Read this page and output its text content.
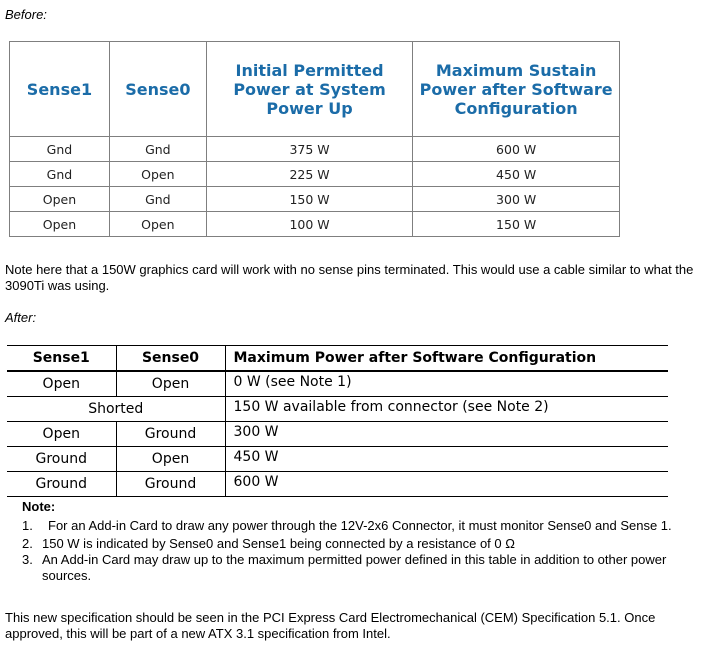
Before:
Sense1	Sense0	Initial Permitted Power at System Power Up	Maximum Sustain Power after Software Configuration
Gnd	Gnd	375 W	600 W
Gnd	Open	225 W	450 W
Open	Gnd	150 W	300 W
Open	Open	100 W	150 W
Note here that a 150W graphics card will work with no sense pins terminated. This would use a cable similar to what the 3090Ti was using.
After:
Sense1	Sense0	Maximum Power after Software Configuration
Open	Open	0 W (see Note 1)
Shorted		150 W available from connector (see Note 2)
Open	Ground	300 W
Ground	Open	450 W
Ground	Ground	600 W
Note:
1. For an Add-in Card to draw any power through the 12V-2x6 Connector, it must monitor Sense0 and Sense 1.
2. 150 W is indicated by Sense0 and Sense1 being connected by a resistance of 0 Ω
3. An Add-in Card may draw up to the maximum permitted power defined in this table in addition to other power sources.
This new specification should be seen in the PCI Express Card Electromechanical (CEM) Specification 5.1. Once approved, this will be part of a new ATX 3.1 specification from Intel.
